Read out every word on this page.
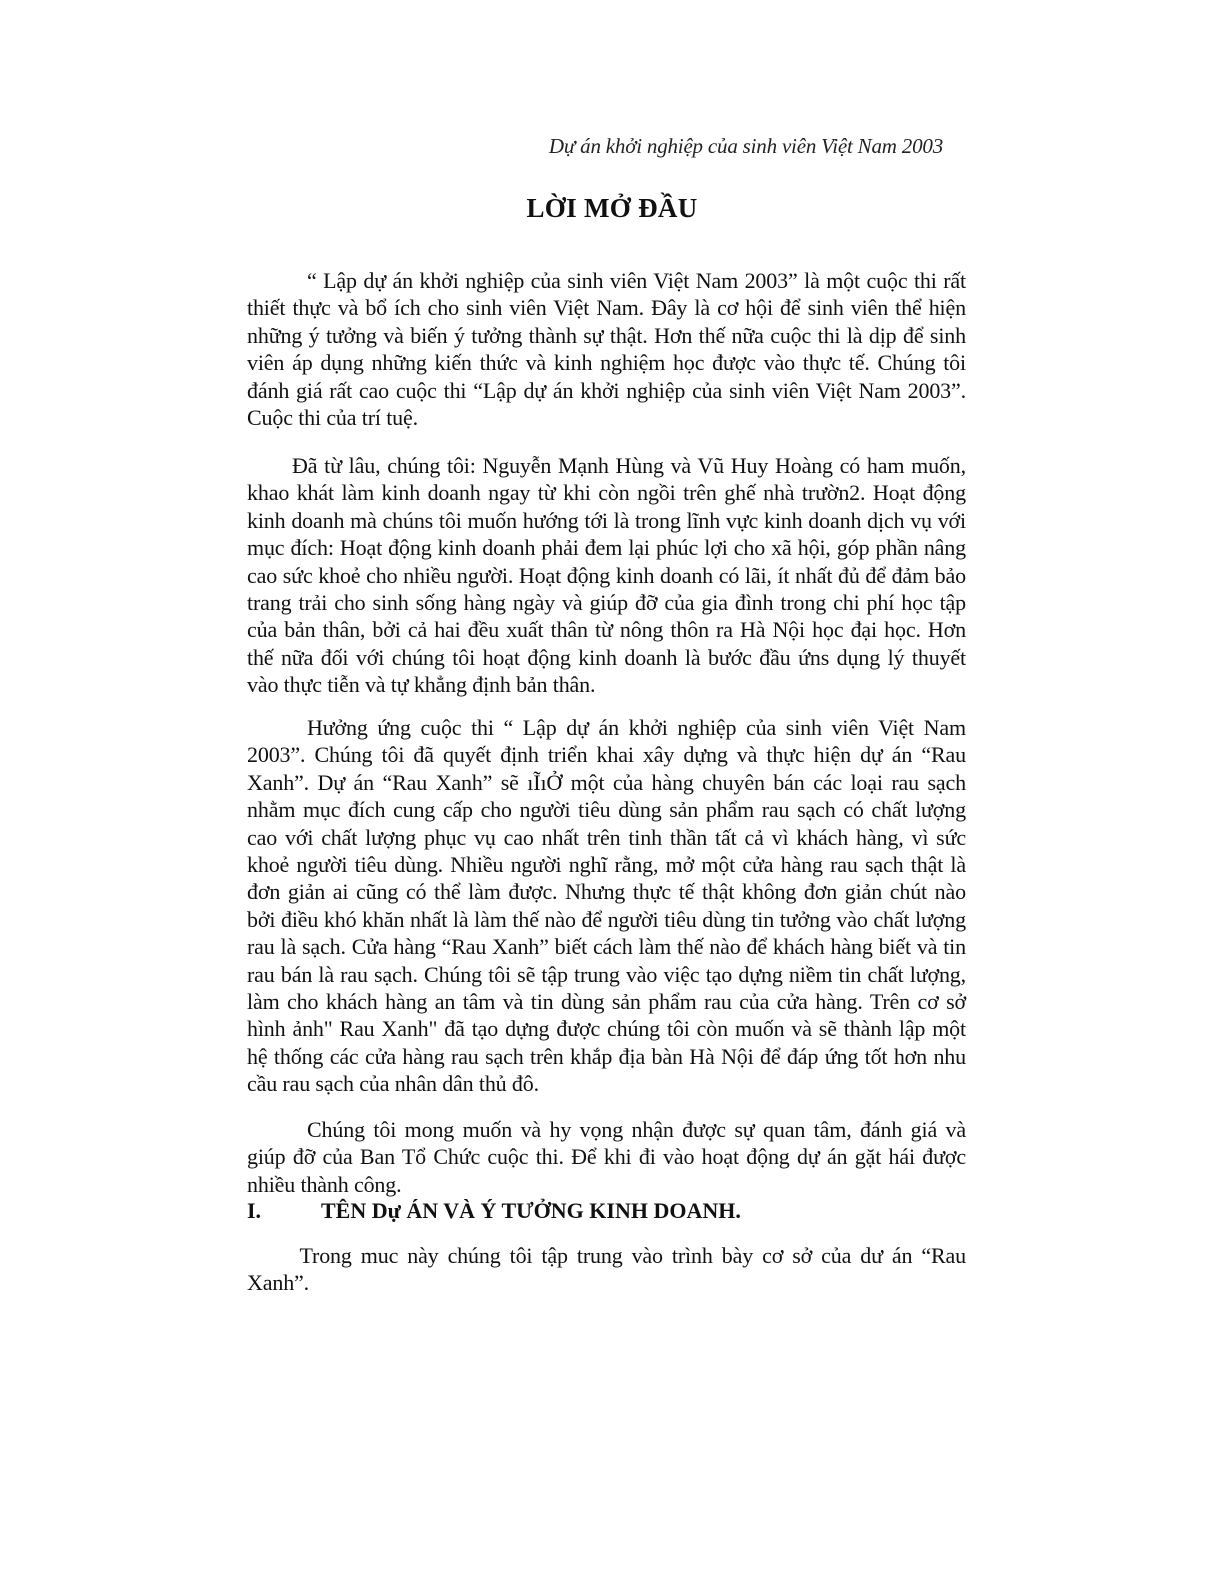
Dự án khởi nghiệp của sinh viên Việt Nam 2003
LỜI MỞ ĐẦU
“ Lập dự án khởi nghiệp của sinh viên Việt Nam 2003” là một cuộc thi rất
thiết thực và bổ ích cho sinh viên Việt Nam. Đây là cơ hội để sinh viên thể hiện
những ý tưởng và biến ý tưởng thành sự thật. Hơn thế nữa cuộc thi là dịp để sinh
viên áp dụng những kiến thức và kinh nghiệm học được vào thực tế. Chúng tôi
đánh giá rất cao cuộc thi “Lập dự án khởi nghiệp của sinh viên Việt Nam 2003”.
Cuộc thi của trí tuệ.
Đã từ lâu, chúng tôi: Nguyễn Mạnh Hùng và Vũ Huy Hoàng có ham muốn,
khao khát làm kinh doanh ngay từ khi còn ngồi trên ghế nhà trườn2. Hoạt động
kinh doanh mà chúns tôi muốn hướng tới là trong lĩnh vực kinh doanh dịch vụ với
mục đích: Hoạt động kinh doanh phải đem lại phúc lợi cho xã hội, góp phần nâng
cao sức khoẻ cho nhiều người. Hoạt động kinh doanh có lãi, ít nhất đủ để đảm bảo
trang trải cho sinh sống hàng ngày và giúp đỡ của gia đình trong chi phí học tập
của bản thân, bởi cả hai đều xuất thân từ nông thôn ra Hà Nội học đại học. Hơn
thế nữa đối với chúng tôi hoạt động kinh doanh là bước đầu ứns dụng lý thuyết
vào thực tiễn và tự khẳng định bản thân.
Hưởng ứng cuộc thi “ Lập dự án khởi nghiệp của sinh viên Việt Nam
2003”. Chúng tôi đã quyết định triển khai xây dựng và thực hiện dự án “Rau
Xanh”. Dự án “Rau Xanh” sẽ ıĨıỞ một của hàng chuyên bán các loại rau sạch
nhằm mục đích cung cấp cho người tiêu dùng sản phẩm rau sạch có chất lượng
cao với chất lượng phục vụ cao nhất trên tinh thần tất cả vì khách hàng, vì sức
khoẻ người tiêu dùng. Nhiều người nghĩ rằng, mở một cửa hàng rau sạch thật là
đơn giản ai cũng có thể làm được. Nhưng thực tế thật không đơn giản chút nào
bởi điều khó khăn nhất là làm thế nào để người tiêu dùng tin tưởng vào chất lượng
rau là sạch. Cửa hàng “Rau Xanh” biết cách làm thế nào để khách hàng biết và tin
rau bán là rau sạch. Chúng tôi sẽ tập trung vào việc tạo dựng niềm tin chất lượng,
làm cho khách hàng an tâm và tin dùng sản phẩm rau của cửa hàng. Trên cơ sở
hình ảnh" Rau Xanh" đã tạo dựng được chúng tôi còn muốn và sẽ thành lập một
hệ thống các cửa hàng rau sạch trên khắp địa bàn Hà Nội để đáp ứng tốt hơn nhu
cầu rau sạch của nhân dân thủ đô.
Chúng tôi mong muốn và hy vọng nhận được sự quan tâm, đánh giá và
giúp đỡ của Ban Tổ Chức cuộc thi. Để khi đi vào hoạt động dự án gặt hái được
nhiều thành công.
I.	TÊN Dự ÁN VÀ Ý TƯỞNG KINH DOANH.
Trong muc này chúng tôi tập trung vào trình bày cơ sở của dư án “Rau
Xanh”.
